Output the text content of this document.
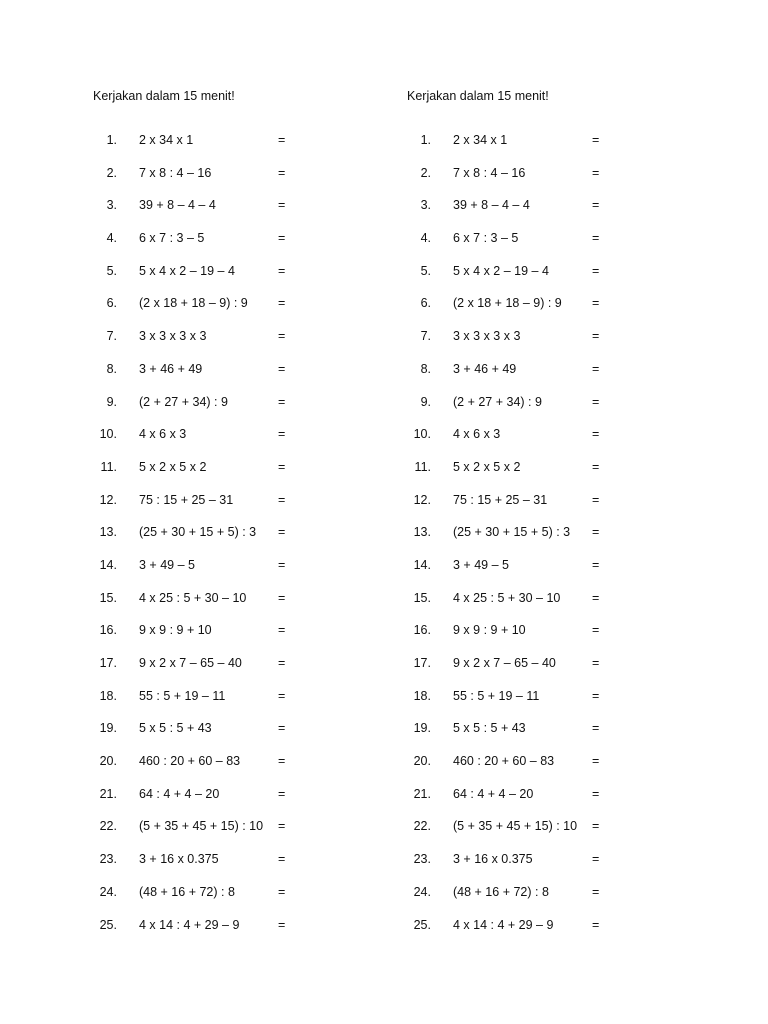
Kerjakan dalam 15 menit!
1. 2 x 34 x 1	=
2. 7 x 8 : 4 – 16	=
3. 39 + 8 – 4 – 4	=
4. 6 x 7 : 3 – 5	=
5. 5 x 4 x 2 – 19 – 4	=
6. (2 x 18 + 18 – 9) : 9 =
7. 3 x 3 x 3 x 3	=
8. 3 + 46 + 49	=
9. (2 + 27 + 34) : 9	=
10. 4 x 6 x 3	=
11. 5 x 2 x 5 x 2	=
12. 75 : 15 + 25 – 31	=
13. (25 + 30 + 15 + 5) : 3 =
14. 3 + 49 – 5	=
15. 4 x 25 : 5 + 30 – 10	=
16. 9 x 9 : 9 + 10	=
17. 9 x 2 x 7 – 65 – 40	=
18. 55 : 5 + 19 – 11	=
19. 5 x 5 : 5 + 43	=
20. 460 : 20 + 60 – 83	=
21. 64 : 4 + 4 – 20	=
22. (5 + 35 + 45 + 15) : 10 =
23. 3 + 16 x 0.375	=
24. (48 + 16 + 72) : 8	=
25. 4 x 14 : 4 + 29 – 9	=
Kerjakan dalam 15 menit!
1. 2 x 34 x 1	=
2. 7 x 8 : 4 – 16	=
3. 39 + 8 – 4 – 4	=
4. 6 x 7 : 3 – 5	=
5. 5 x 4 x 2 – 19 – 4	=
6. (2 x 18 + 18 – 9) : 9 =
7. 3 x 3 x 3 x 3	=
8. 3 + 46 + 49	=
9. (2 + 27 + 34) : 9	=
10. 4 x 6 x 3	=
11. 5 x 2 x 5 x 2	=
12. 75 : 15 + 25 – 31	=
13. (25 + 30 + 15 + 5) : 3 =
14. 3 + 49 – 5	=
15. 4 x 25 : 5 + 30 – 10	=
16. 9 x 9 : 9 + 10	=
17. 9 x 2 x 7 – 65 – 40	=
18. 55 : 5 + 19 – 11	=
19. 5 x 5 : 5 + 43	=
20. 460 : 20 + 60 – 83	=
21. 64 : 4 + 4 – 20	=
22. (5 + 35 + 45 + 15) : 10 =
23. 3 + 16 x 0.375	=
24. (48 + 16 + 72) : 8	=
25. 4 x 14 : 4 + 29 – 9	=
